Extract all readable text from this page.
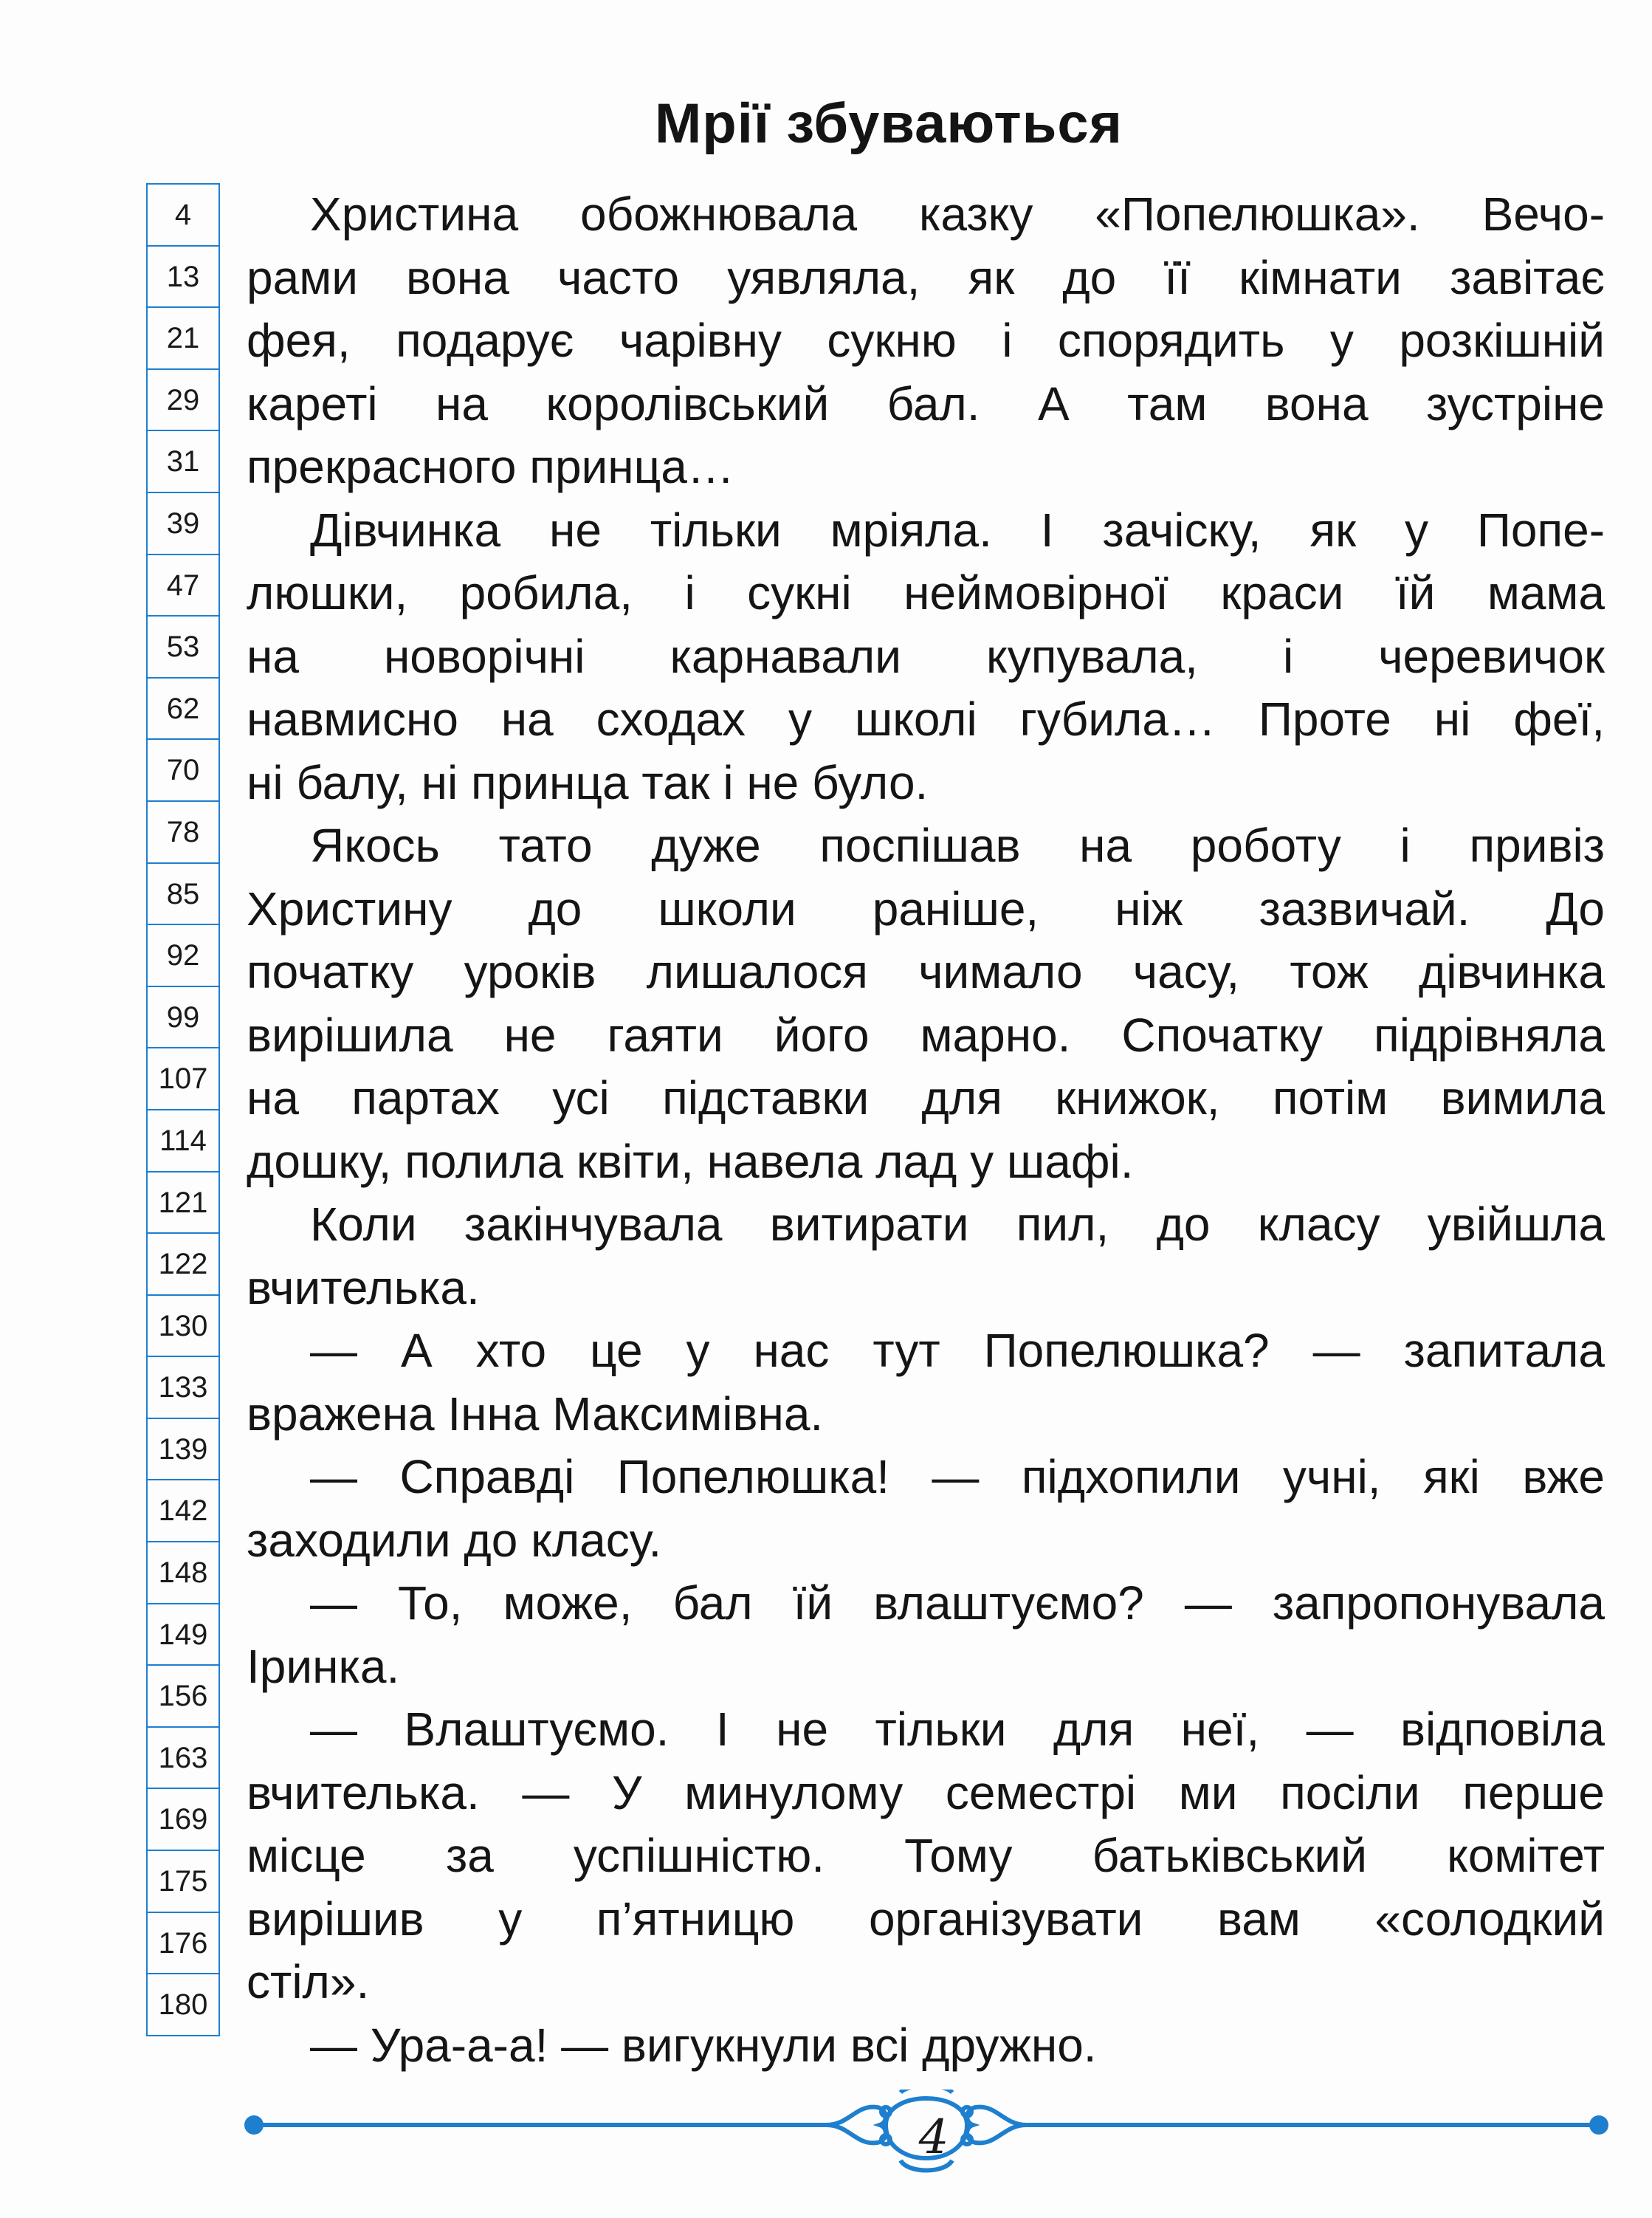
Мрії збуваються
4
13
21
29
31
39
47
53
62
70
78
85
92
99
107
114
121
122
130
133
139
142
148
149
156
163
169
175
176
180
Христина обожнювала казку «Попелюшка». Вечо-
рами вона часто уявляла, як до її кімнати завітає
фея, подарує чарівну сукню і спорядить у розкішній
кареті на королівський бал. А там вона зустріне
прекрасного принца…
Дівчинка не тільки мріяла. І зачіску, як у Попе-
люшки, робила, і сукні неймовірної краси їй мама
на новорічні карнавали купувала, і черевичок
навмисно на сходах у школі губила… Проте ні феї,
ні балу, ні принца так і не було.
Якось тато дуже поспішав на роботу і привіз
Христину до школи раніше, ніж зазвичай. До
початку уроків лишалося чимало часу, тож дівчинка
вирішила не гаяти його марно. Спочатку підрівняла
на партах усі підставки для книжок, потім вимила
дошку, полила квіти, навела лад у шафі.
Коли закінчувала витирати пил, до класу увійшла
вчителька.
— А хто це у нас тут Попелюшка? — запитала
вражена Інна Максимівна.
— Справді Попелюшка! — підхопили учні, які вже
заходили до класу.
— То, може, бал їй влаштуємо? — запропонувала
Іринка.
— Влаштуємо. І не тільки для неї, — відповіла
вчителька. — У минулому семестрі ми посіли перше
місце за успішністю. Тому батьківський комітет
вирішив у п’ятницю організувати вам «солодкий
стіл».
— Ура-а-а! — вигукнули всі дружно.
4
